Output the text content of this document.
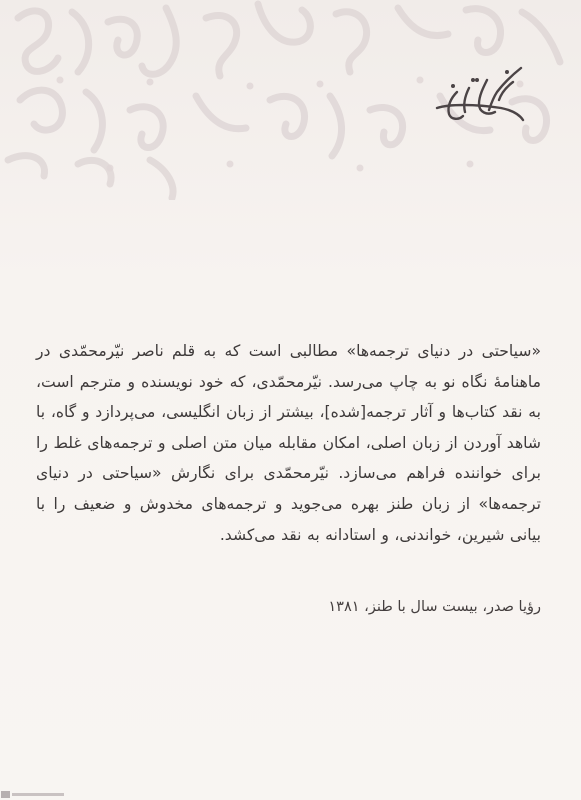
«سیاحتی در دنیای ترجمه‌ها» مطالبی است که به قلم ناصر نیّرمحمّدی در ماهنامهٔ نگاه نو به چاپ می‌رسد. نیّرمحمّدی، که خود نویسنده و مترجم است، به نقد کتاب‌ها و آثار ترجمه[شده]، بیشتر از زبان انگلیسی، می‌پردازد و گاه، با شاهد آوردن از زبان اصلی، امکان مقابله میان متن اصلی و ترجمه‌های غلط را برای خواننده فراهم می‌سازد. نیّرمحمّدی برای نگارش «سیاحتی در دنیای ترجمه‌ها» از زبان طنز بهره می‌جوید و ترجمه‌های مخدوش و ضعیف را با بیانی شیرین، خواندنی، و استادانه به نقد می‌کشد.

رؤیا صدر، بیست سال با طنز، ۱۳۸۱
